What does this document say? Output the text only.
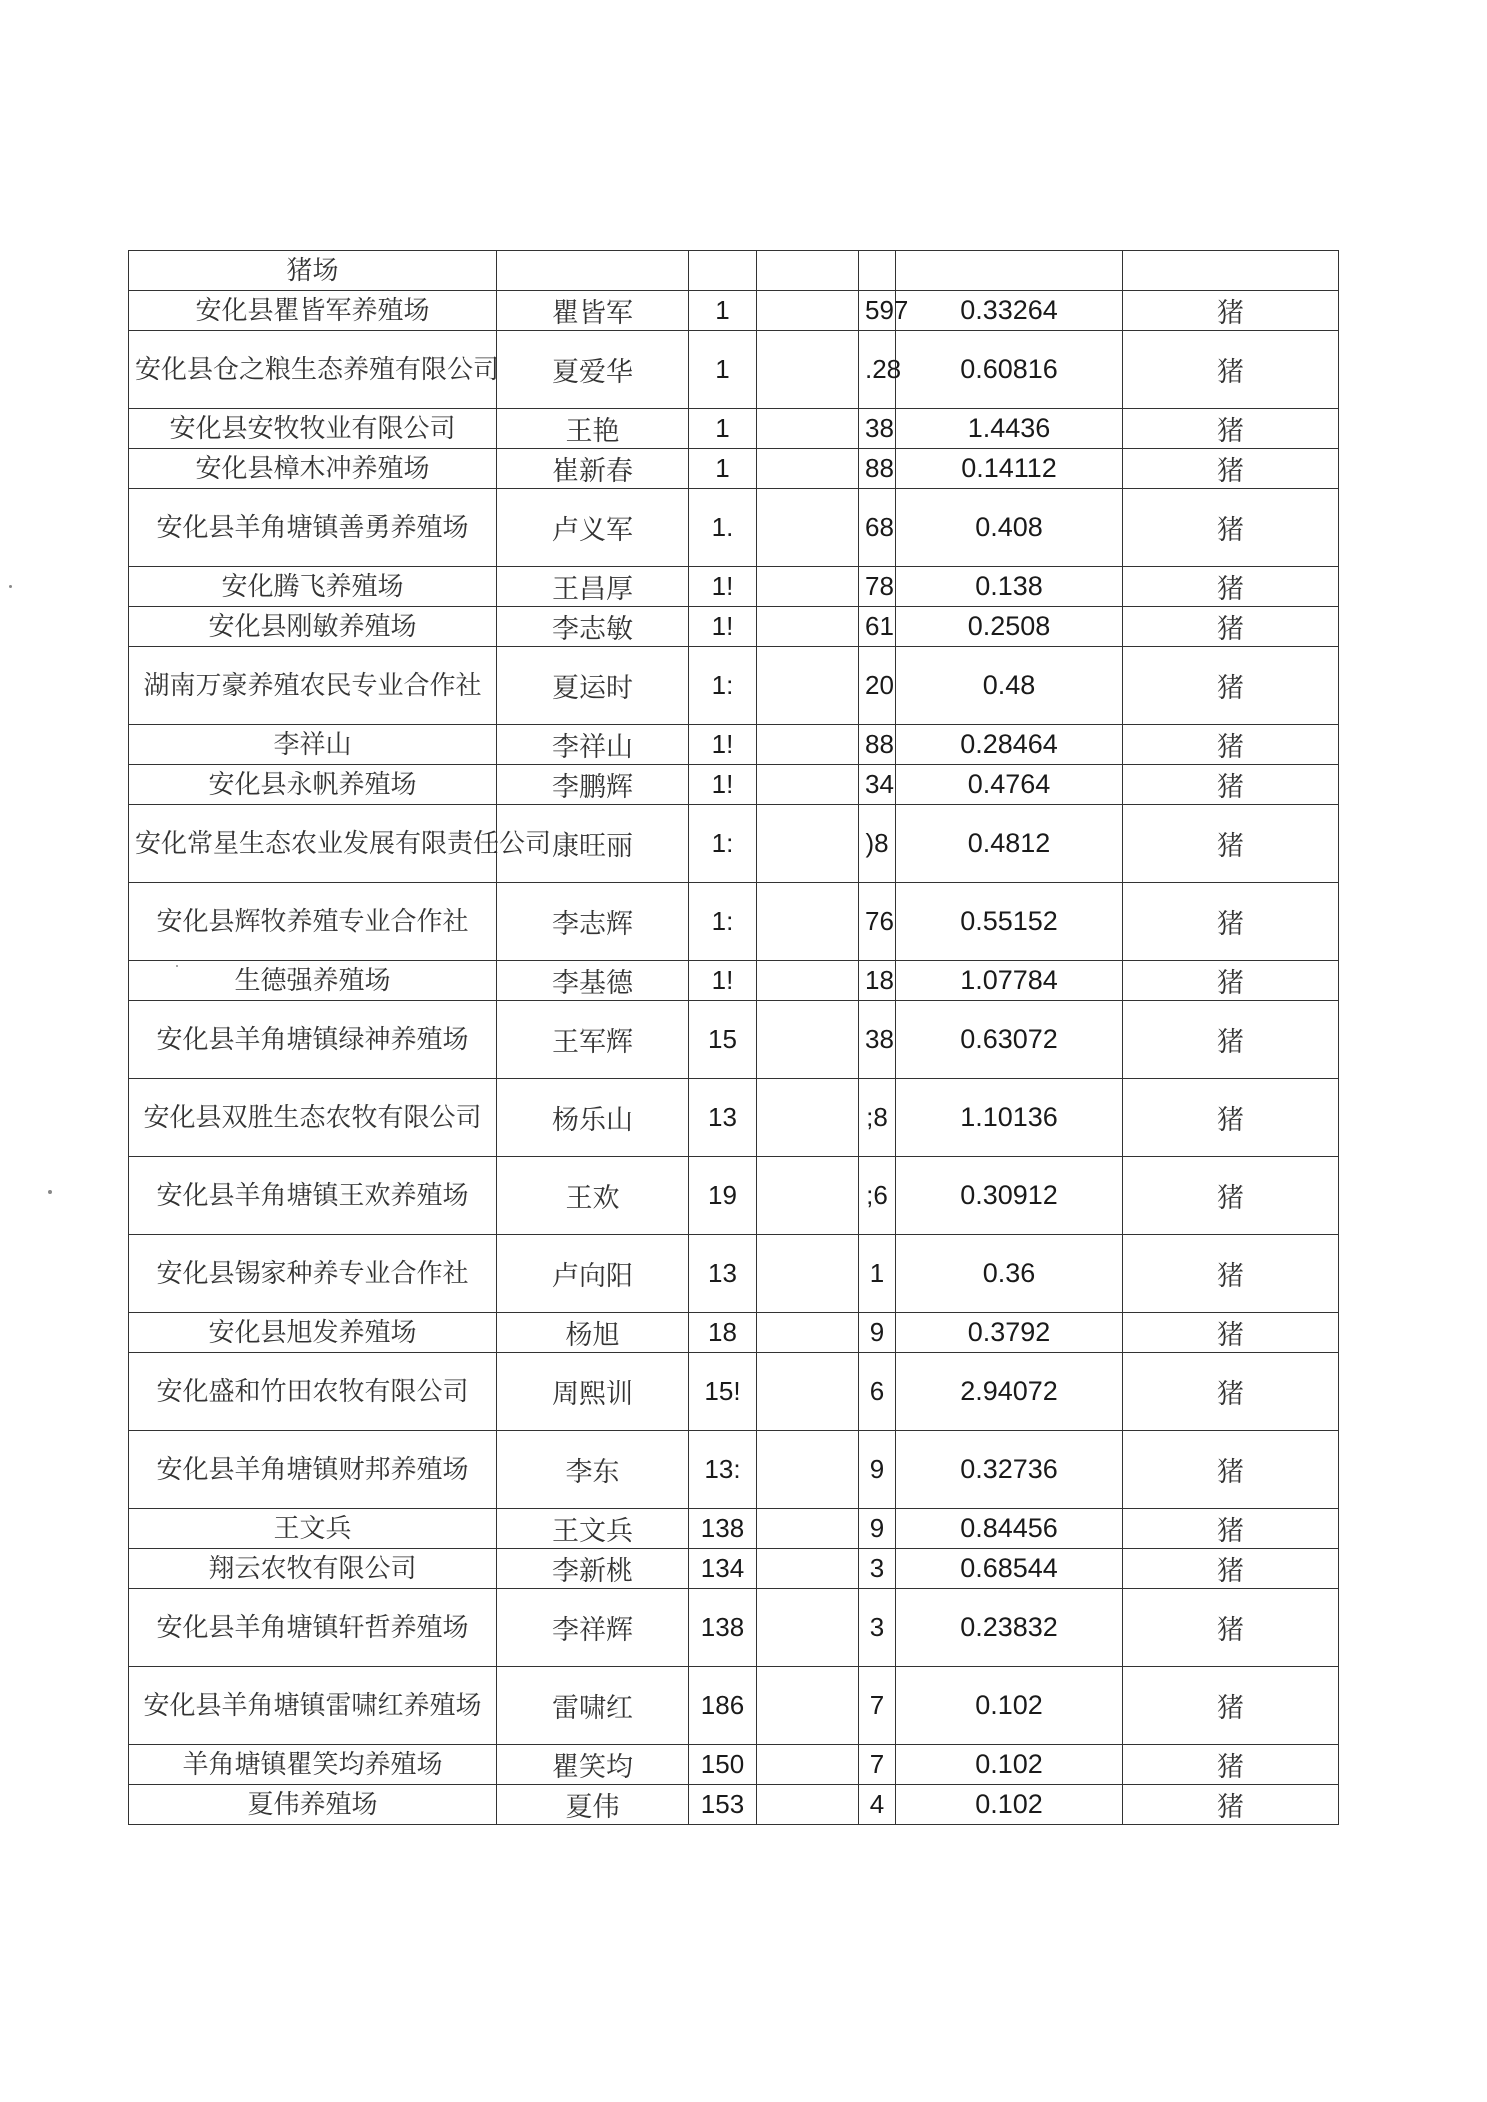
猪场						
安化县瞿皆军养殖场	瞿皆军	1		597	0.33264	猪
安化县仓之粮生态养殖有限公司	夏爱华	1		.28	0.60816	猪
安化县安牧牧业有限公司	王艳	1		38	1.4436	猪
安化县樟木冲养殖场	崔新春	1		88	0.14112	猪
安化县羊角塘镇善勇养殖场	卢义军	1.		68	0.408	猪
安化腾飞养殖场	王昌厚	1!		78	0.138	猪
安化县刚敏养殖场	李志敏	1!		61	0.2508	猪
湖南万豪养殖农民专业合作社	夏运时	1:		20	0.48	猪
李祥山	李祥山	1!		88	0.28464	猪
安化县永帆养殖场	李鹏辉	1!		34	0.4764	猪
安化常星生态农业发展有限责任公司	康旺丽	1:		)8	0.4812	猪
安化县辉牧养殖专业合作社	李志辉	1:		76	0.55152	猪
生德强养殖场	李基德	1!		18	1.07784	猪
安化县羊角塘镇绿神养殖场	王军辉	15		38	0.63072	猪
安化县双胜生态农牧有限公司	杨乐山	13		;8	1.10136	猪
安化县羊角塘镇王欢养殖场	王欢	19		;6	0.30912	猪
安化县锡家种养专业合作社	卢向阳	13		1	0.36	猪
安化县旭发养殖场	杨旭	18		9	0.3792	猪
安化盛和竹田农牧有限公司	周熙训	15!		6	2.94072	猪
安化县羊角塘镇财邦养殖场	李东	13:		9	0.32736	猪
王文兵	王文兵	138		9	0.84456	猪
翔云农牧有限公司	李新桃	134		3	0.68544	猪
安化县羊角塘镇轩哲养殖场	李祥辉	138		3	0.23832	猪
安化县羊角塘镇雷啸红养殖场	雷啸红	186		7	0.102	猪
羊角塘镇瞿笑均养殖场	瞿笑均	150		7	0.102	猪
夏伟养殖场	夏伟	153		4	0.102	猪
